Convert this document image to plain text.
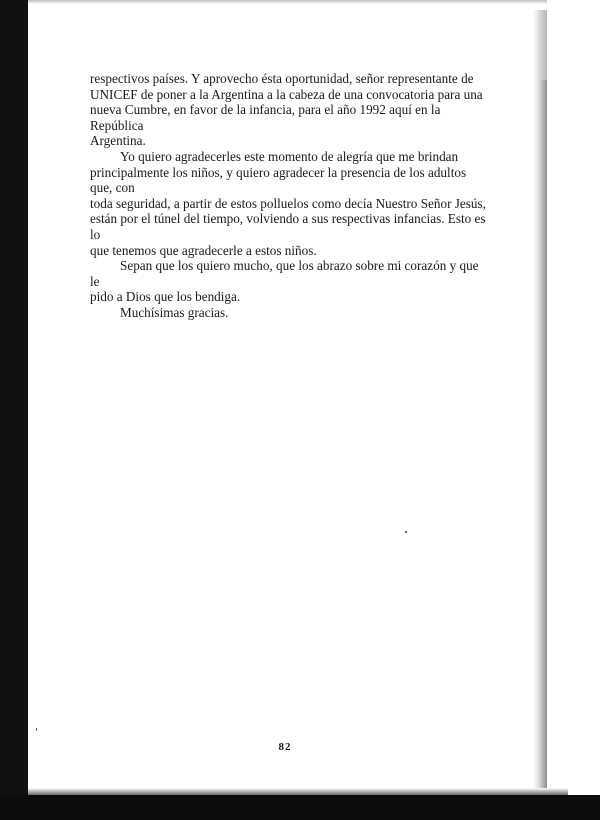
respectivos países. Y aprovecho ésta oportunidad, señor representante de
UNICEF de poner a la Argentina a la cabeza de una convocatoria para una
nueva Cumbre, en favor de la infancia, para el año 1992 aquí en la República
Argentina.

Yo quiero agradecerles este momento de alegría que me brindan
principalmente los niños, y quiero agradecer la presencia de los adultos que, con
toda seguridad, a partir de estos polluelos como decía Nuestro Señor Jesús,
están por el túnel del tiempo, volviendo a sus respectivas infancias. Esto es lo
que tenemos que agradecerle a estos niños.

Sepan que los quiero mucho, que los abrazo sobre mi corazón y que le
pido a Dios que los bendiga.

Muchísimas gracias.

82
